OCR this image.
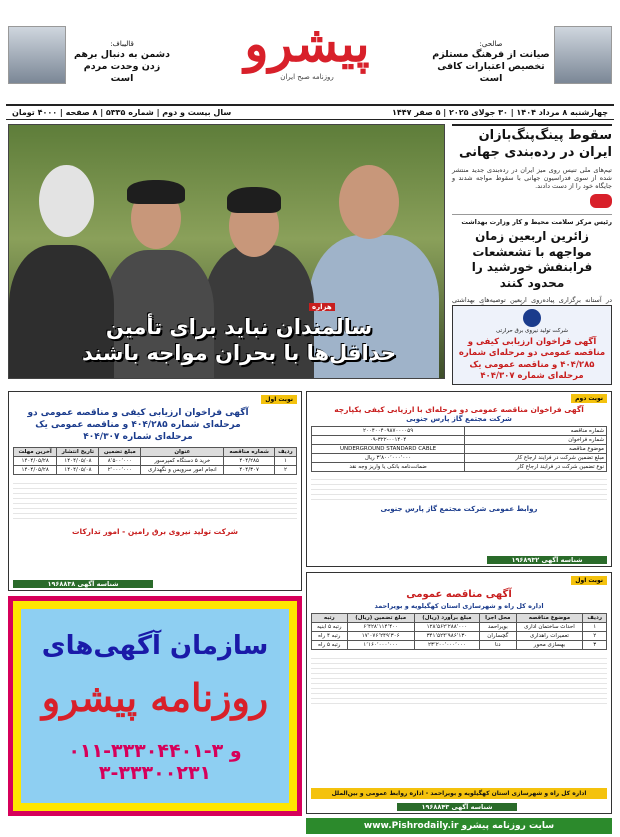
قالیباف:
دشمن به دنبال برهم زدن وحدت مردم است
پیشرو
روزنامه صبح ایران
صالحی:
صیانت از فرهنگ مستلزم تخصیص اعتبارات کافی است
چهارشنبه ۸ مرداد ۱۴۰۴ | ۳۰ جولای ۲۰۲۵ | ۵ صفر ۱۴۴۷
سال بیست و دوم | شماره ۵۳۳۵ | ۸ صفحه | ۴۰۰۰ تومان
هزاره
سالمندان نباید برای تأمین
حداقل‌ها با بحران مواجه باشند
سقوط پینگ‌پنگ‌بازان ایران در رده‌بندی جهانی
تیم‌های ملی تنیس روی میز ایران در رده‌بندی جدید منتشر شده از سوی فدراسیون جهانی با سقوط مواجه شدند و جایگاه خود را از دست دادند.
رئیس مرکز سلامت محیط و کار وزارت بهداشت
زائرین اربعین زمان مواجهه با تشعشعات فرابنفش خورشید را محدود کنند
در آستانه برگزاری پیاده‌روی اربعین توصیه‌های بهداشتی
شرکت تولید نیروی برق حرارتی
آگهی فراخوان ارزیابی کیفی و مناقصه عمومی دو مرحله‌ای شماره ۴۰۴/۲۸۵ و مناقصه عمومی یک مرحله‌ای شماره ۴۰۴/۳۰۷
نوبت اول
آگهی فراخوان ارزیابی کیفی و مناقصه عمومی دو مرحله‌ای شماره ۴۰۴/۲۸۵ و مناقصه عمومی یک مرحله‌ای شماره ۴۰۴/۳۰۷
ردیف	شماره مناقصه	عنوان	مبلغ تضمین	تاریخ انتشار	آخرین مهلت
۱	۴۰۴/۲۸۵	خرید ۵ دستگاه کمپرسور	۸٬۵۰۰٬۰۰۰	۱۴۰۴/۰۵/۰۸	۱۴۰۴/۰۵/۲۸
۲	۴۰۴/۳۰۷	انجام امور سرویس و نگهداری	۲٬۰۰۰٬۰۰۰	۱۴۰۴/۰۵/۰۸	۱۴۰۴/۰۵/۲۸
شرکت تولید نیروی برق رامین - امور تدارکات
شناسه آگهی ۱۹۶۸۸۳۸
نوبت دوم
آگهی فراخوان مناقصه عمومی دو مرحله‌ای با ارزیابی کیفی یکپارچه
شرکت مجتمع گاز پارس جنوبی
شماره مناقصه	۲۰۰۴۰۰۴۰۹۸۷۰۰۰۰۵۹
شماره فراخوان	۰۹-۳۲۲-۰۰۱۴۰۴
موضوع مناقصه	UNDERGROUND STANDARD CABLE
مبلغ تضمین شرکت در فرایند ارجاع کار	۳٬۸۰۰٬۰۰۰٬۰۰۰ ریال
نوع تضمین شرکت در فرایند ارجاع کار	ضمانت‌نامه بانکی یا واریز وجه نقد
روابط عمومی شرکت مجتمع گاز پارس جنوبی
شناسه آگهی ۱۹۶۸۹۳۲
نوبت اول
آگهی مناقصه عمومی
اداره کل راه و شهرسازی استان کهگیلویه و بویراحمد
ردیف	موضوع مناقصه	محل اجرا	مبلغ برآورد (ریال)	مبلغ تضمین (ریال)	رتبه
۱	احداث ساختمان اداری	بویراحمد	۱۲۸٬۵۶۲٬۲۸۸٬۰۰۰	۶٬۴۲۸٬۱۱۴٬۴۰۰	رتبه ۵ ابنیه
۲	تعمیرات راهداری	گچساران	۳۴۱٬۵۲۴٬۹۸۶٬۱۳۰	۱۷٬۰۷۶٬۲۴۹٬۳۰۶	رتبه ۴ راه
۳	بهسازی محور	دنا	۲۳٬۲۰۰٬۰۰۰٬۰۰۰	۱٬۱۶۰٬۰۰۰٬۰۰۰	رتبه ۵ راه
اداره کل راه و شهرسازی استان کهگیلویه و بویراحمد - اداره روابط عمومی و بین‌الملل
شناسه آگهی ۱۹۶۸۸۴۳
سازمان آگهی‌های
روزنامه پیشرو
۰۱۱-۳۳۳۰۴۴۰۱-۳ و ۳۳۳۰۰۲۳۱-۳
www.Pishrodaily.ir سایت روزنامه پیشرو
